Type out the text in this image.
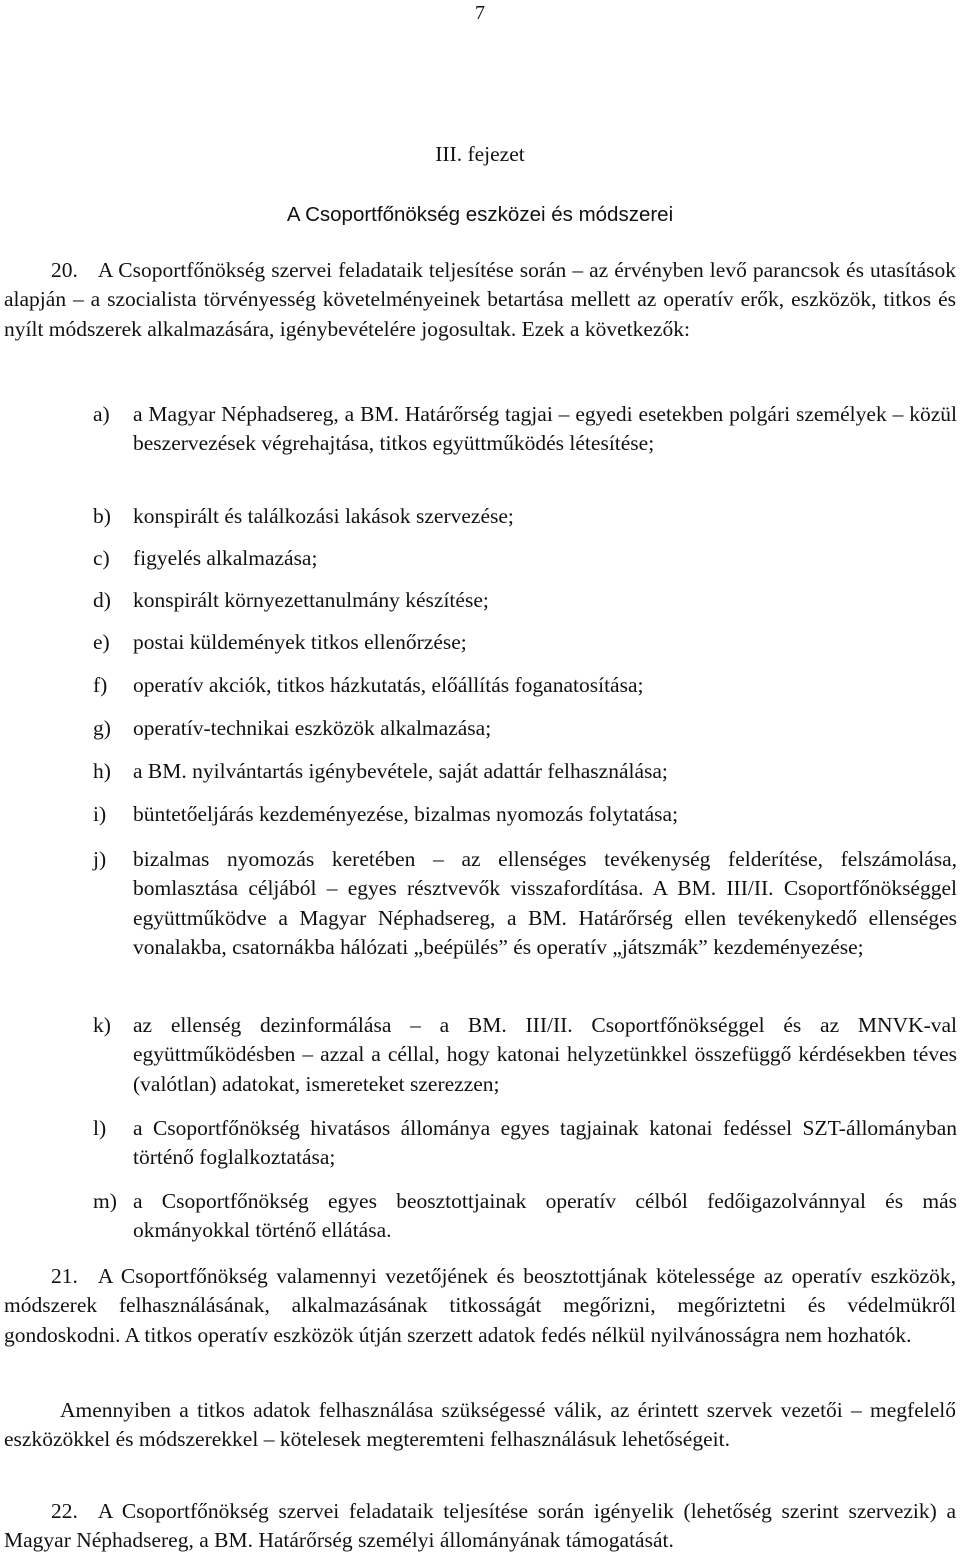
7
III. fejezet
A Csoportfőnökség eszközei és módszerei

20. A Csoportfőnökség szervei feladataik teljesítése során – az érvényben levő parancsok és utasítások alapján – a szocialista törvényesség követelményeinek betartása mellett az operatív erők, eszközök, titkos és nyílt módszerek alkalmazására, igénybevételére jogosultak. Ezek a következők:

a)	a Magyar Néphadsereg, a BM. Határőrség tagjai – egyedi esetekben polgári személyek – közül beszervezések végrehajtása, titkos együttműködés létesítése;
b)	konspirált és találkozási lakások szervezése;
c)	figyelés alkalmazása;
d)	konspirált környezettanulmány készítése;
e)	postai küldemények titkos ellenőrzése;
f)	operatív akciók, titkos házkutatás, előállítás foganatosítása;
g)	operatív-technikai eszközök alkalmazása;
h)	a BM. nyilvántartás igénybevétele, saját adattár felhasználása;
i)	büntetőeljárás kezdeményezése, bizalmas nyomozás folytatása;
j)	bizalmas nyomozás keretében – az ellenséges tevékenység felderítése, felszámolása, bomlasztása céljából – egyes résztvevők visszafordítása. A BM. III/II. Csoportfőnökséggel együttműködve a Magyar Néphadsereg, a BM. Határőrség ellen tevékenykedő ellenséges vonalakba, csatornákba hálózati „beépülés” és operatív „játszmák” kezdeményezése;
k)	az ellenség dezinformálása – a BM. III/II. Csoportfőnökséggel és az MNVK-val együttműködésben – azzal a céllal, hogy katonai helyzetünkkel összefüggő kérdésekben téves (valótlan) adatokat, ismereteket szerezzen;
l)	a Csoportfőnökség hivatásos állománya egyes tagjainak katonai fedéssel SZT-állományban történő foglalkoztatása;
m) a Csoportfőnökség egyes beosztottjainak operatív célból fedőigazolvánnyal és más okmányokkal történő ellátása.

21. A Csoportfőnökség valamennyi vezetőjének és beosztottjának kötelessége az operatív eszközök, módszerek felhasználásának, alkalmazásának titkosságát megőrizni, megőriztetni és védelmükről gondoskodni. A titkos operatív eszközök útján szerzett adatok fedés nélkül nyilvánosságra nem hozhatók.

Amennyiben a titkos adatok felhasználása szükségessé válik, az érintett szervek vezetői – megfelelő eszközökkel és módszerekkel – kötelesek megteremteni felhasználásuk lehetőségeit.

22. A Csoportfőnökség szervei feladataik teljesítése során igényelik (lehetőség szerint szervezik) a Magyar Néphadsereg, a BM. Határőrség személyi állományának támogatását.
